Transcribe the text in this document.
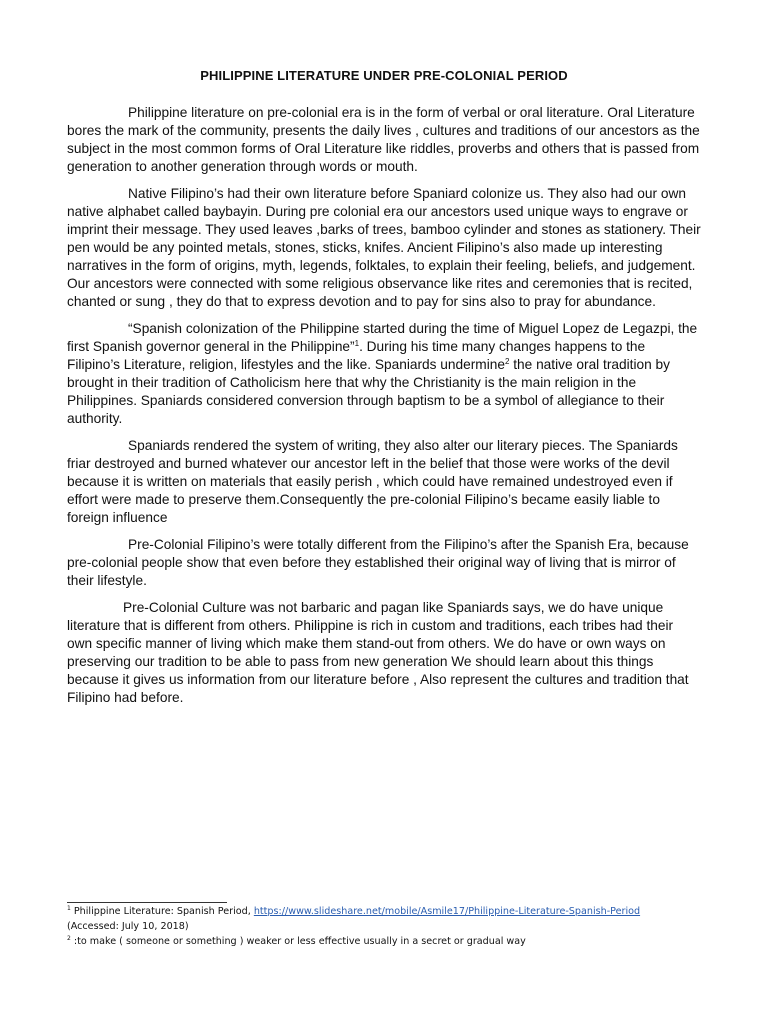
PHILIPPINE LITERATURE UNDER PRE-COLONIAL PERIOD

Philippine literature on pre-colonial era is in the form of verbal or oral literature. Oral Literature bores the mark of the community, presents the daily lives , cultures and traditions of our ancestors as the subject in the most common forms of Oral Literature like riddles, proverbs and others that is passed from generation to another generation through words or mouth.

Native Filipino’s had their own literature before Spaniard colonize us. They also had our own native alphabet called baybayin. During pre colonial era our ancestors used unique ways to engrave or imprint their message. They used leaves ,barks of trees, bamboo cylinder and stones as stationery. Their pen would be any pointed metals, stones, sticks, knifes. Ancient Filipino’s also made up interesting narratives in the form of origins, myth, legends, folktales, to explain their feeling, beliefs, and judgement. Our ancestors were connected with some religious observance like rites and ceremonies that is recited, chanted or sung , they do that to express devotion and to pay for sins also to pray for abundance.

“Spanish colonization of the Philippine started during the time of Miguel Lopez de Legazpi, the first Spanish governor general in the Philippine”$^1$. During his time many changes happens to the Filipino’s Literature, religion, lifestyles and the like. Spaniards undermine$^2$ the native oral tradition by brought in their tradition of Catholicism here that why the Christianity is the main religion in the Philippines. Spaniards considered conversion through baptism to be a symbol of allegiance to their authority.

Spaniards rendered the system of writing, they also alter our literary pieces. The Spaniards friar destroyed and burned whatever our ancestor left in the belief that those were works of the devil because it is written on materials that easily perish , which could have remained undestroyed even if effort were made to preserve them.Consequently the pre-colonial Filipino’s became easily liable to foreign influence

Pre-Colonial Filipino’s were totally different from the Filipino’s after the Spanish Era, because pre-colonial people show that even before they established their original way of living that is mirror of their lifestyle.

Pre-Colonial Culture was not barbaric and pagan like Spaniards says, we do have unique literature that is different from others. Philippine is rich in custom and traditions, each tribes had their own specific manner of living which make them stand-out from others. We do have or own ways on preserving our tradition to be able to pass from new generation We should learn about this things because it gives us information from our literature before , Also represent the cultures and tradition that Filipino had before.

$^1$ Philippine Literature: Spanish Period, https://www.slideshare.net/mobile/Asmile17/Philippine-Literature-Spanish-Period
(Accessed: July 10, 2018)
$^2$ :to make ( someone or something ) weaker or less effective usually in a secret or gradual way
